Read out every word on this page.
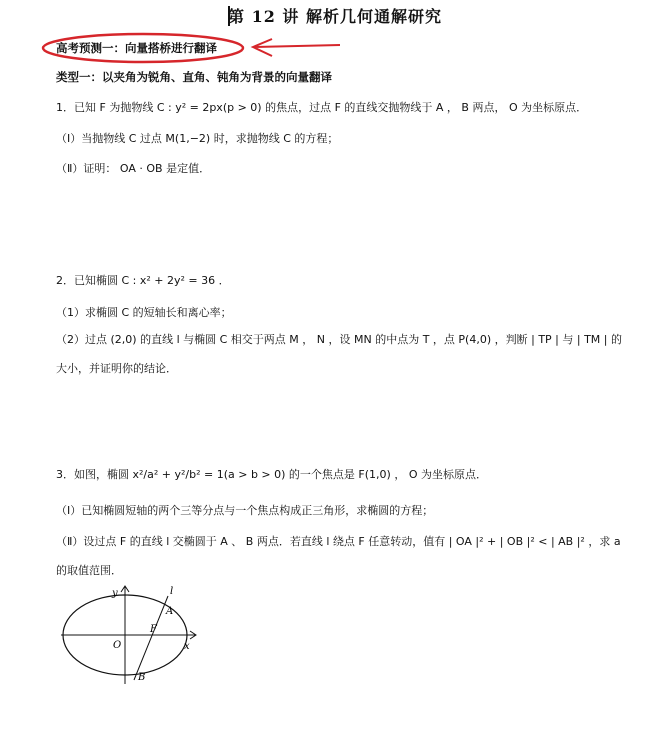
第 12 讲 解析几何通解研究
高考预测一：向量搭桥进行翻译
类型一：以夹角为锐角、直角、钝角为背景的向量翻译
1．已知 F 为抛物线 C : y² = 2px(p > 0) 的焦点，过点 F 的直线交抛物线于 A ， B 两点， O 为坐标原点．
（Ⅰ）当抛物线 C 过点 M(1,−2) 时，求抛物线 C 的方程；
（Ⅱ）证明： OA · OB 是定值．
2．已知椭圆 C : x² + 2y² = 36 ．
（1）求椭圆 C 的短轴长和离心率；
（2）过点 (2,0) 的直线 l 与椭圆 C 相交于两点 M ， N ，设 MN 的中点为 T ，点 P(4,0) ，判断 | TP | 与 | TM | 的
大小，并证明你的结论．
3．如图，椭圆 x²/a² + y²/b² = 1(a > b > 0) 的一个焦点是 F(1,0) ， O 为坐标原点．
（Ⅰ）已知椭圆短轴的两个三等分点与一个焦点构成正三角形，求椭圆的方程；
（Ⅱ）设过点 F 的直线 l 交椭圆于 A 、 B 两点．若直线 l 绕点 F 任意转动，值有 | OA |² + | OB |² < | AB |² ，求 a
的取值范围．
y
x
O
F
A
B
l
